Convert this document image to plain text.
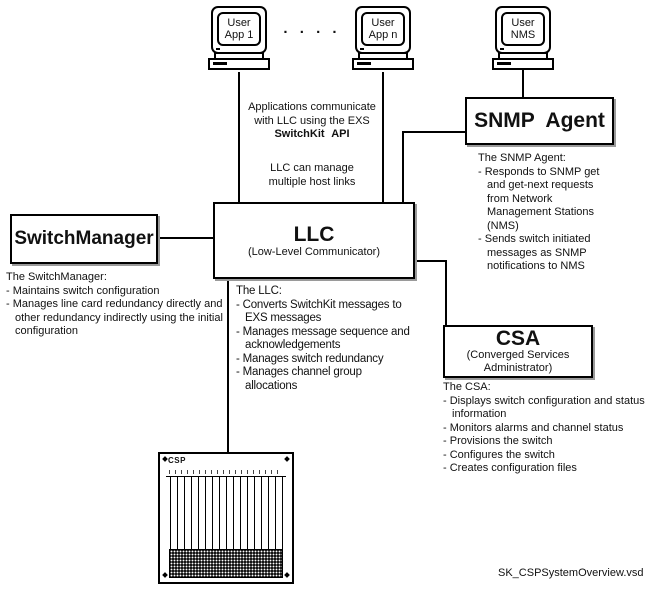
User
App 1	. . . .	User
App n
User
NMS
Applications communicate
with LLC using the EXS
SwitchKit API
LLC can manage
multiple host links
SwitchManager	LLC
(Low-Level Communicator)
SNMP Agent
CSA
(Converged Services
Administrator)
The SwitchManager:
- Maintains switch configuration
- Manages line card redundancy directly and other redundancy indirectly using the initial configuration
The LLC:
- Converts SwitchKit messages to EXS messages
- Manages message sequence and acknowledgements
- Manages switch redundancy
- Manages channel group allocations
The SNMP Agent:
- Responds to SNMP get and get-next requests from Network Management Stations (NMS)
- Sends switch initiated messages as SNMP notifications to NMS
The CSA:
- Displays switch configuration and status information
- Monitors alarms and channel status
- Provisions the switch
- Configures the switch
- Creates configuration files
CSP
SK_CSPSystemOverview.vsd
